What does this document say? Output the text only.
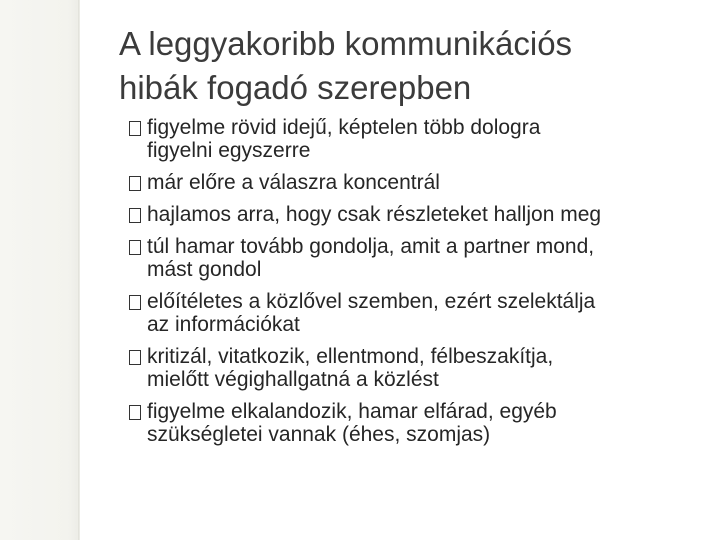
A leggyakoribb kommunikációs
hibák fogadó szerepben
figyelme rövid idejű, képtelen több dologra
figyelni egyszerre
már előre a válaszra koncentrál
hajlamos arra, hogy csak részleteket halljon meg
túl hamar tovább gondolja, amit a partner mond,
mást gondol
előítéletes a közlővel szemben, ezért szelektálja
az információkat
kritizál, vitatkozik, ellentmond, félbeszakítja,
mielőtt végighallgatná a közlést
figyelme elkalandozik, hamar elfárad, egyéb
szükségletei vannak (éhes, szomjas)
